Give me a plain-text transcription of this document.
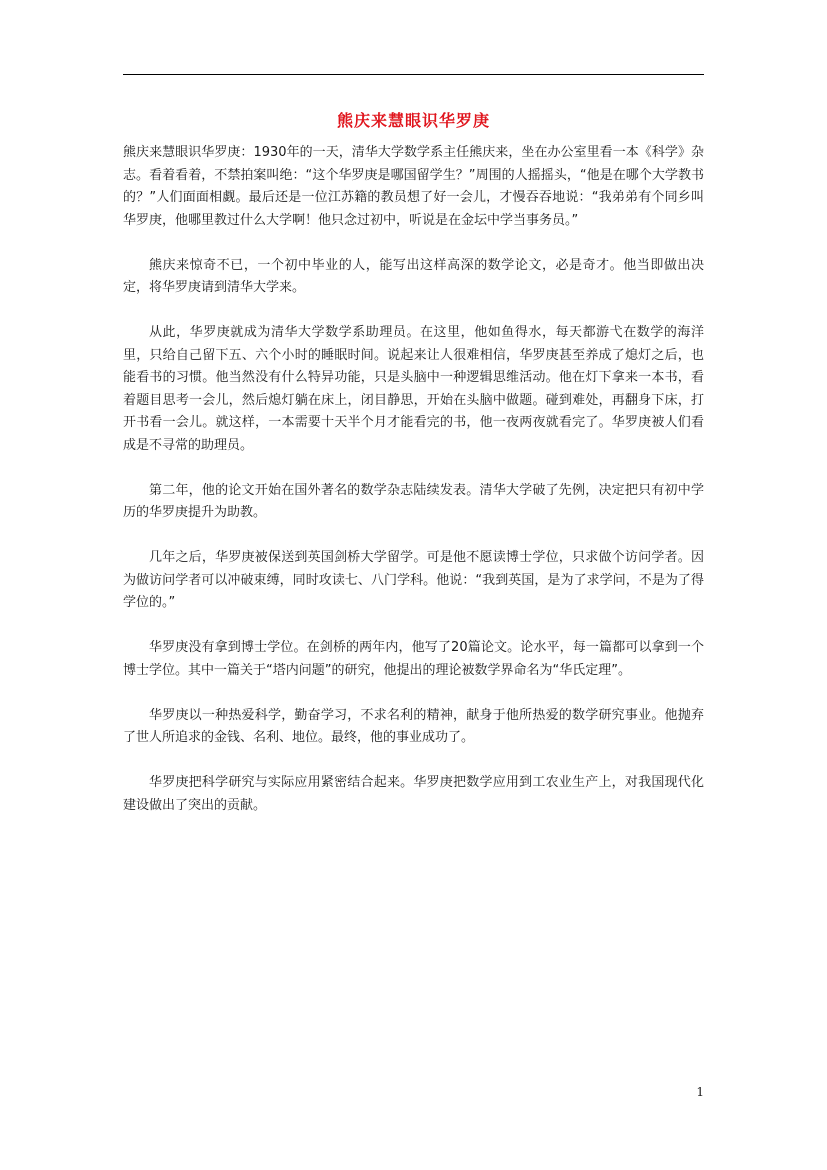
熊庆来慧眼识华罗庚

熊庆来慧眼识华罗庚：1930年的一天，清华大学数学系主任熊庆来，坐在办公室里看一本《科学》杂志。看着看着，不禁拍案叫绝：“这个华罗庚是哪国留学生？”周围的人摇摇头，“他是在哪个大学教书的？”人们面面相觑。最后还是一位江苏籍的教员想了好一会儿，才慢吞吞地说：“我弟弟有个同乡叫华罗庚，他哪里教过什么大学啊！他只念过初中，听说是在金坛中学当事务员。”

熊庆来惊奇不已，一个初中毕业的人，能写出这样高深的数学论文，必是奇才。他当即做出决定，将华罗庚请到清华大学来。

从此，华罗庚就成为清华大学数学系助理员。在这里，他如鱼得水，每天都游弋在数学的海洋里，只给自己留下五、六个小时的睡眠时间。说起来让人很难相信，华罗庚甚至养成了熄灯之后，也能看书的习惯。他当然没有什么特异功能，只是头脑中一种逻辑思维活动。他在灯下拿来一本书，看着题目思考一会儿，然后熄灯躺在床上，闭目静思，开始在头脑中做题。碰到难处，再翻身下床，打开书看一会儿。就这样，一本需要十天半个月才能看完的书，他一夜两夜就看完了。华罗庚被人们看成是不寻常的助理员。

第二年，他的论文开始在国外著名的数学杂志陆续发表。清华大学破了先例，决定把只有初中学历的华罗庚提升为助教。

几年之后，华罗庚被保送到英国剑桥大学留学。可是他不愿读博士学位，只求做个访问学者。因为做访问学者可以冲破束缚，同时攻读七、八门学科。他说：“我到英国，是为了求学问，不是为了得学位的。”

华罗庚没有拿到博士学位。在剑桥的两年内，他写了20篇论文。论水平，每一篇都可以拿到一个博士学位。其中一篇关于“塔内问题”的研究，他提出的理论被数学界命名为“华氏定理”。

华罗庚以一种热爱科学，勤奋学习，不求名利的精神，献身于他所热爱的数学研究事业。他抛弃了世人所追求的金钱、名利、地位。最终，他的事业成功了。

华罗庚把科学研究与实际应用紧密结合起来。华罗庚把数学应用到工农业生产上，对我国现代化建设做出了突出的贡献。

1
